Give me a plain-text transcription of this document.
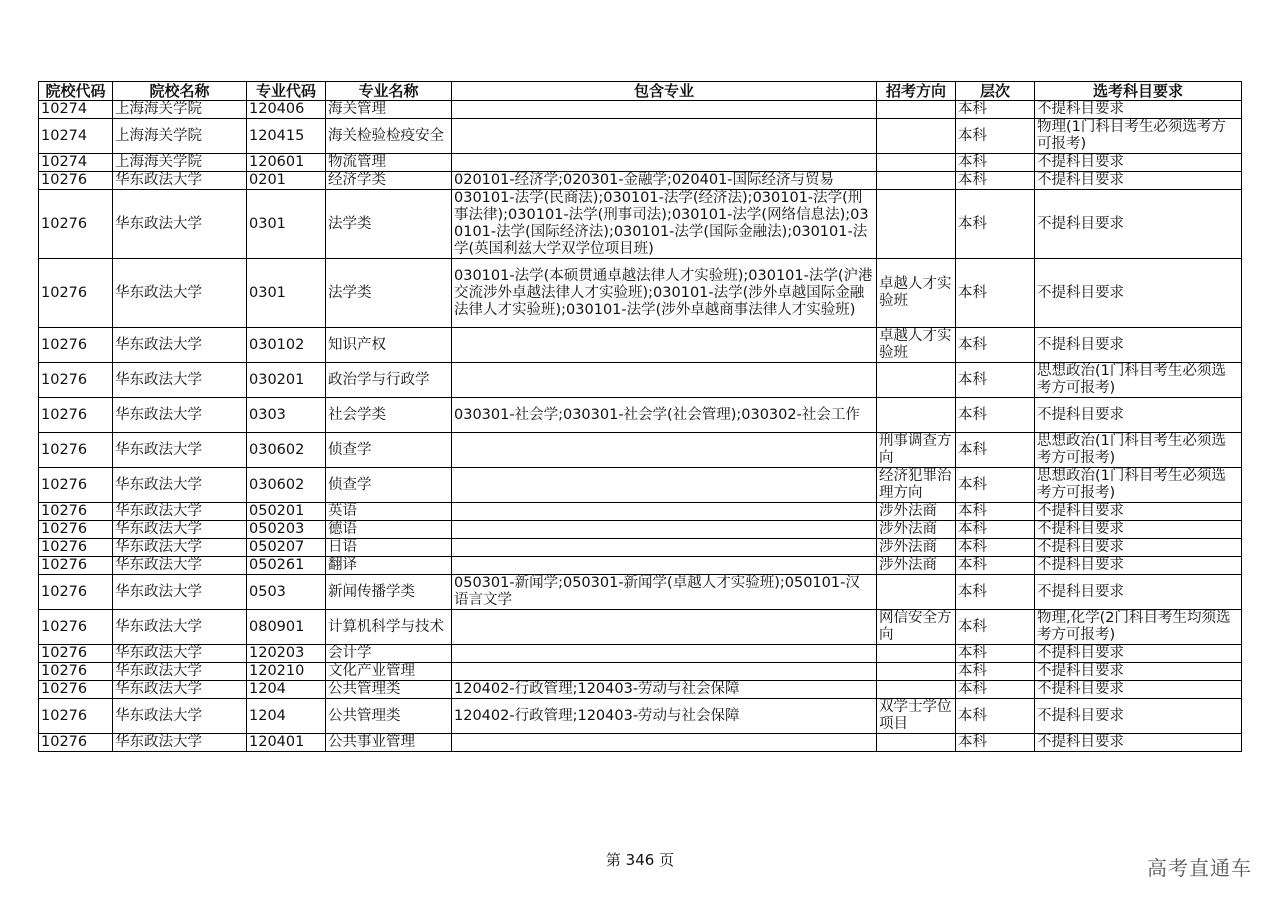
院校代码	院校名称	专业代码	专业名称	包含专业	招考方向	层次	选考科目要求
10274	上海海关学院	120406	海关管理			本科	不提科目要求
10274	上海海关学院	120415	海关检验检疫安全			本科	物理(1门科目考生必须选考方可报考)
10274	上海海关学院	120601	物流管理			本科	不提科目要求
10276	华东政法大学	0201	经济学类	020101-经济学;020301-金融学;020401-国际经济与贸易		本科	不提科目要求
10276	华东政法大学	0301	法学类	030101-法学(民商法);030101-法学(经济法);030101-法学(刑事法律);030101-法学(刑事司法);030101-法学(网络信息法);030101-法学(国际经济法);030101-法学(国际金融法);030101-法学(英国利兹大学双学位项目班)		本科	不提科目要求
10276	华东政法大学	0301	法学类	030101-法学(本硕贯通卓越法律人才实验班);030101-法学(沪港交流涉外卓越法律人才实验班);030101-法学(涉外卓越国际金融法律人才实验班);030101-法学(涉外卓越商事法律人才实验班)	卓越人才实验班	本科	不提科目要求
10276	华东政法大学	030102	知识产权		卓越人才实验班	本科	不提科目要求
10276	华东政法大学	030201	政治学与行政学			本科	思想政治(1门科目考生必须选考方可报考)
10276	华东政法大学	0303	社会学类	030301-社会学;030301-社会学(社会管理);030302-社会工作		本科	不提科目要求
10276	华东政法大学	030602	侦查学		刑事调查方向	本科	思想政治(1门科目考生必须选考方可报考)
10276	华东政法大学	030602	侦查学		经济犯罪治理方向	本科	思想政治(1门科目考生必须选考方可报考)
10276	华东政法大学	050201	英语		涉外法商	本科	不提科目要求
10276	华东政法大学	050203	德语		涉外法商	本科	不提科目要求
10276	华东政法大学	050207	日语		涉外法商	本科	不提科目要求
10276	华东政法大学	050261	翻译		涉外法商	本科	不提科目要求
10276	华东政法大学	0503	新闻传播学类	050301-新闻学;050301-新闻学(卓越人才实验班);050101-汉语言文学		本科	不提科目要求
10276	华东政法大学	080901	计算机科学与技术		网信安全方向	本科	物理,化学(2门科目考生均须选考方可报考)
10276	华东政法大学	120203	会计学			本科	不提科目要求
10276	华东政法大学	120210	文化产业管理			本科	不提科目要求
10276	华东政法大学	1204	公共管理类	120402-行政管理;120403-劳动与社会保障		本科	不提科目要求
10276	华东政法大学	1204	公共管理类	120402-行政管理;120403-劳动与社会保障	双学士学位项目	本科	不提科目要求
10276	华东政法大学	120401	公共事业管理			本科	不提科目要求
第 346 页	高考直通车
